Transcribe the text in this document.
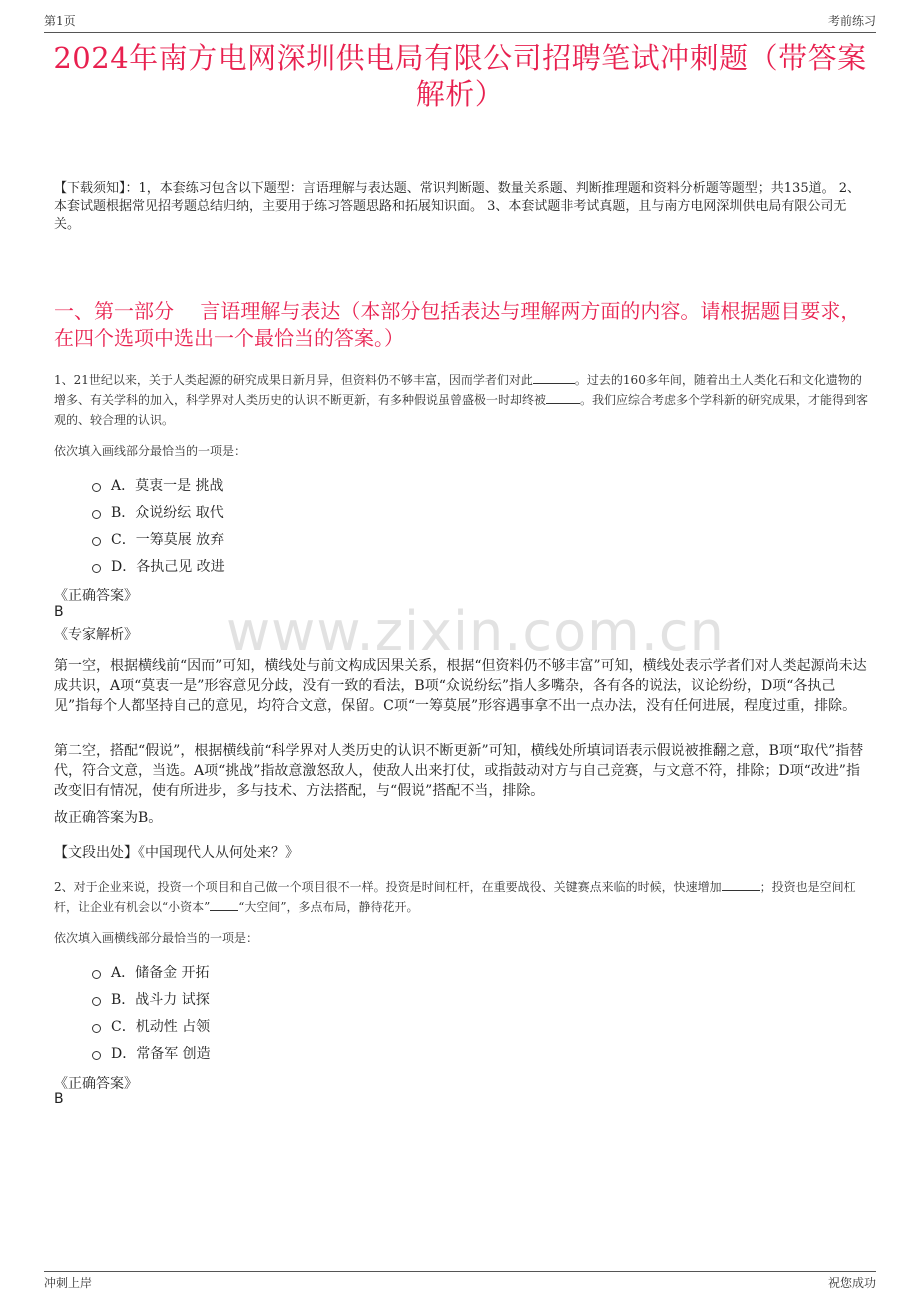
第1页	考前练习
2024年南方电网深圳供电局有限公司招聘笔试冲刺题（带答案解析）
【下载须知】：1，本套练习包含以下题型：言语理解与表达题、常识判断题、数量关系题、判断推理题和资料分析题等题型；共135道。 2、本套试题根据常见招考题总结归纳，主要用于练习答题思路和拓展知识面。 3、本套试题非考试真题，且与南方电网深圳供电局有限公司无关。
一、第一部分　 言语理解与表达（本部分包括表达与理解两方面的内容。请根据题目要求，在四个选项中选出一个最恰当的答案。）
1、21世纪以来，关于人类起源的研究成果日新月异，但资料仍不够丰富，因而学者们对此	。过去的160多年间，随着出土人类化石和文化遗物的增多、有关学科的加入，科学界对人类历史的认识不断更新，有多种假说虽曾盛极一时却终被	。我们应综合考虑多个学科新的研究成果，才能得到客观的、较合理的认识。
依次填入画线部分最恰当的一项是：
A．莫衷一是 挑战
B．众说纷纭 取代
C．一筹莫展 放弃
D．各执己见 改进
《正确答案》
B
《专家解析》 www.zixin.com.cn
第一空，根据横线前“因而”可知，横线处与前文构成因果关系，根据“但资料仍不够丰富”可知，横线处表示学者们对人类起源尚未达成共识，A项“莫衷一是”形容意见分歧，没有一致的看法，B项“众说纷纭”指人多嘴杂，各有各的说法，议论纷纷，D项“各执己见”指每个人都坚持自己的意见，均符合文意，保留。C项“一筹莫展”形容遇事拿不出一点办法，没有任何进展，程度过重，排除。
第二空，搭配“假说”，根据横线前“科学界对人类历史的认识不断更新”可知，横线处所填词语表示假说被推翻之意，B项“取代”指替代，符合文意，当选。A项“挑战”指故意激怒敌人，使敌人出来打仗，或指鼓动对方与自己竞赛，与文意不符，排除；D项“改进”指改变旧有情况，使有所进步，多与技术、方法搭配，与“假说”搭配不当，排除。
故正确答案为B。
【文段出处】《中国现代人从何处来？》
2、对于企业来说，投资一个项目和自己做一个项目很不一样。投资是时间杠杆，在重要战役、关键赛点来临的时候，快速增加	；投资也是空间杠杆，让企业有机会以“小资本” “大空间”，多点布局，静待花开。
依次填入画横线部分最恰当的一项是：
A．储备金 开拓
B．战斗力 试探
C．机动性 占领
D．常备军 创造
《正确答案》
B
冲刺上岸	祝您成功
